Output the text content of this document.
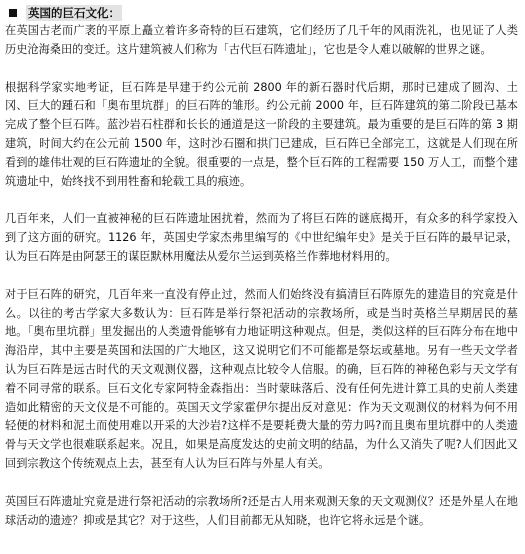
英国的巨石文化：

在英国古老而广袤的平原上矗立着许多奇特的巨石建筑，它们经历了几千年的风雨洗礼，也见证了人类历史沧海桑田的变迁。这片建筑被人们称为「古代巨石阵遗址」，它也是令人难以破解的世界之谜。

根据科学家实地考证，巨石阵是早建于约公元前 2800 年的新石器时代后期，那时已建成了圆沟、土冈、巨大的踵石和「奥布里坑群」的巨石阵的雏形。约公元前 2000 年，巨石阵建筑的第二阶段已基本完成了整个巨石阵。蓝沙岩石柱群和长长的通道是这一阶段的主要建筑。最为重要的是巨石阵的第 3 期建筑，时间大约在公元前 1500 年，这时沙石圈和拱门已建成，巨石阵已全部完工，这就是人们现在所看到的雄伟壮观的巨石阵遗址的全貌。很重要的一点是，整个巨石阵的工程需要 150 万人工，而整个建筑遗址中，始终找不到用牲畜和轮载工具的痕迹。

几百年来，人们一直被神秘的巨石阵遗址困扰着，然而为了将巨石阵的谜底揭开，有众多的科学家投入到了这方面的研究。1126 年，英国史学家杰弗里编写的《中世纪编年史》是关于巨石阵的最早记录，认为巨石阵是由阿瑟王的谋臣默林用魔法从爱尔兰运到英格兰作葬地材料用的。

对于巨石阵的研究，几百年来一直没有停止过，然而人们始终没有搞清巨石阵原先的建造目的究竟是什么。以往的考古学家大多数认为：巨石阵是举行祭祀活动的宗教场所，或是当时英格兰早期居民的墓地。「奥布里坑群」里发掘出的人类遗骨能够有力地证明这种观点。但是，类似这样的巨石阵分布在地中海沿岸，其中主要是英国和法国的广大地区，这又说明它们不可能都是祭坛或墓地。另有一些天文学者认为巨石阵是远古时代的天文观测仪器，这种观点比较令人信服。的确，巨石阵的神秘色彩与天文学有着不同寻常的联系。巨石文化专家阿特金森指出：当时蒙昧落后、没有任何先进计算工具的史前人类建造如此精密的天文仪是不可能的。英国天文学家霍伊尔提出反对意见：作为天文观测仪的材料为何不用轻便的材料和泥土而使用难以开采的大沙岩?这样不是要耗费大量的劳力吗?而且奥布里坑群中的人类遗骨与天文学也很难联系起来。况且，如果是高度发达的史前文明的结晶，为什么又消失了呢?人们因此又回到宗教这个传统观点上去，甚至有人认为巨石阵与外星人有关。

英国巨石阵遗址究竟是进行祭祀活动的宗教场所?还是古人用来观测天象的天文观测仪？还是外星人在地球活动的遗迹？抑或是其它？对于这些，人们目前都无从知晓，也许它将永远是个谜。
